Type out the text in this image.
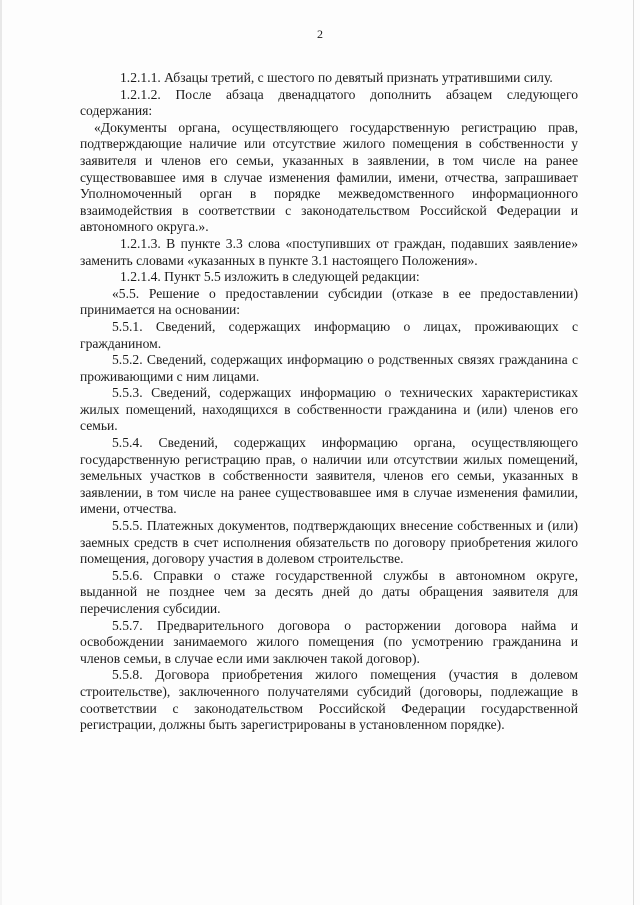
2

1.2.1.1. Абзацы третий, с шестого по девятый признать утратившими силу.

1.2.1.2. После абзаца двенадцатого дополнить абзацем следующего содержания:

«Документы органа, осуществляющего государственную регистрацию прав, подтверждающие наличие или отсутствие жилого помещения в собственности у заявителя и членов его семьи, указанных в заявлении, в том числе на ранее существовавшее имя в случае изменения фамилии, имени, отчества, запрашивает Уполномоченный орган в порядке межведомственного информационного взаимодействия в соответствии с законодательством Российской Федерации и автономного округа.».

1.2.1.3. В пункте 3.3 слова «поступивших от граждан, подавших заявление» заменить словами «указанных в пункте 3.1 настоящего Положения».

1.2.1.4. Пункт 5.5 изложить в следующей редакции:

«5.5. Решение о предоставлении субсидии (отказе в ее предоставлении) принимается на основании:

5.5.1. Сведений, содержащих информацию о лицах, проживающих с гражданином.

5.5.2. Сведений, содержащих информацию о родственных связях гражданина с проживающими с ним лицами.

5.5.3. Сведений, содержащих информацию о технических характеристиках жилых помещений, находящихся в собственности гражданина и (или) членов его семьи.

5.5.4. Сведений, содержащих информацию органа, осуществляющего государственную регистрацию прав, о наличии или отсутствии жилых помещений, земельных участков в собственности заявителя, членов его семьи, указанных в заявлении, в том числе на ранее существовавшее имя в случае изменения фамилии, имени, отчества.

5.5.5. Платежных документов, подтверждающих внесение собственных и (или) заемных средств в счет исполнения обязательств по договору приобретения жилого помещения, договору участия в долевом строительстве.

5.5.6. Справки о стаже государственной службы в автономном округе, выданной не позднее чем за десять дней до даты обращения заявителя для перечисления субсидии.

5.5.7. Предварительного договора о расторжении договора найма и освобождении занимаемого жилого помещения (по усмотрению гражданина и членов семьи, в случае если ими заключен такой договор).

5.5.8. Договора приобретения жилого помещения (участия в долевом строительстве), заключенного получателями субсидий (договоры, подлежащие в соответствии с законодательством Российской Федерации государственной регистрации, должны быть зарегистрированы в установленном порядке).
